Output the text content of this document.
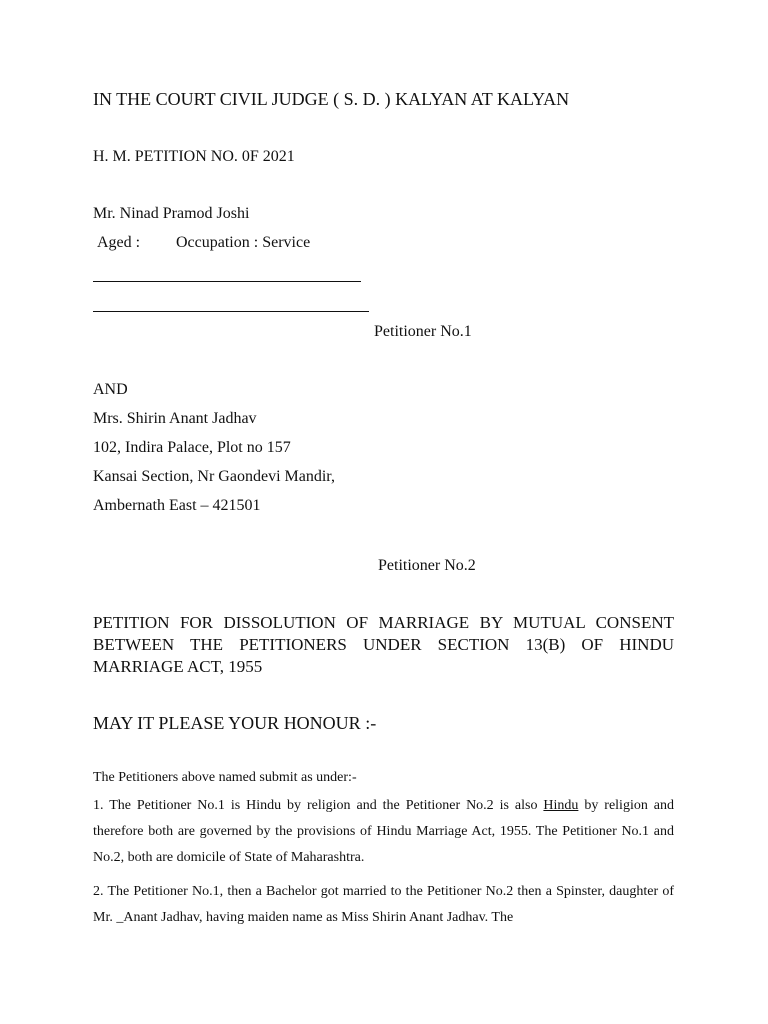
IN THE COURT CIVIL JUDGE ( S. D. ) KALYAN AT KALYAN
H. M. PETITION NO. 0F 2021
Mr. Ninad Pramod Joshi
Aged : Occupation : Service
Petitioner No.1
AND
Mrs. Shirin Anant Jadhav
102, Indira Palace, Plot no 157
Kansai Section, Nr Gaondevi Mandir,
Ambernath East – 421501
Petitioner No.2
PETITION FOR DISSOLUTION OF MARRIAGE BY MUTUAL CONSENT BETWEEN THE PETITIONERS UNDER SECTION 13(B) OF HINDU MARRIAGE ACT, 1955
MAY IT PLEASE YOUR HONOUR :-
The Petitioners above named submit as under:-
1. The Petitioner No.1 is Hindu by religion and the Petitioner No.2 is also Hindu by religion and therefore both are governed by the provisions of Hindu Marriage Act, 1955. The Petitioner No.1 and No.2, both are domicile of State of Maharashtra.
2. The Petitioner No.1, then a Bachelor got married to the Petitioner No.2 then a Spinster, daughter of Mr. _Anant Jadhav, having maiden name as Miss Shirin Anant Jadhav. The
